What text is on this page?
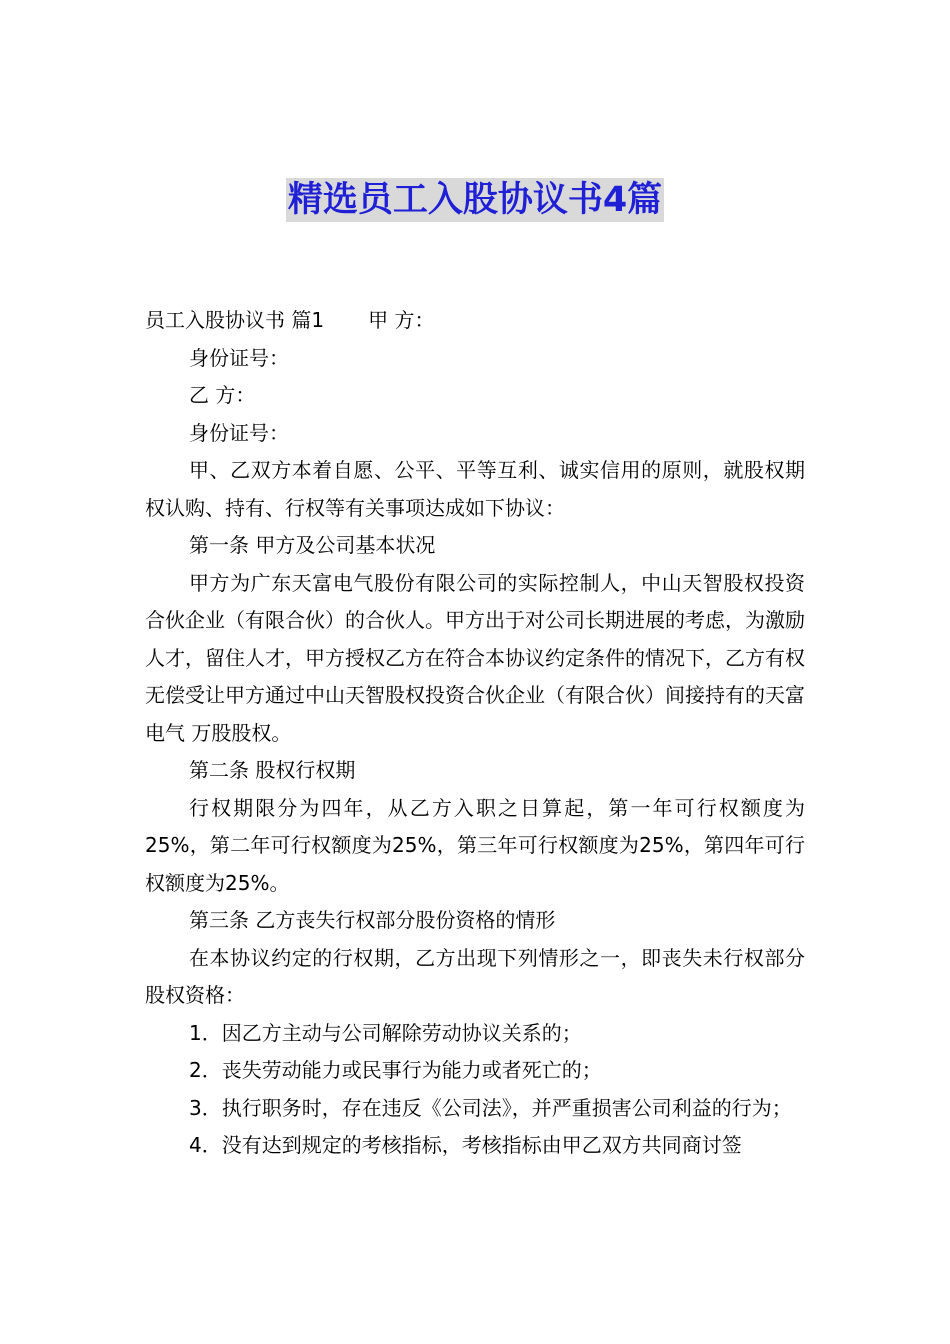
精选员工入股协议书4篇

员工入股协议书 篇1 甲 方：

身份证号：

乙 方：

身份证号：

甲、乙双方本着自愿、公平、平等互利、诚实信用的原则，就股权期权认购、持有、行权等有关事项达成如下协议：

第一条 甲方及公司基本状况

甲方为广东天富电气股份有限公司的实际控制人，中山天智股权投资合伙企业（有限合伙）的合伙人。甲方出于对公司长期进展的考虑，为激励人才，留住人才，甲方授权乙方在符合本协议约定条件的情况下，乙方有权无偿受让甲方通过中山天智股权投资合伙企业（有限合伙）间接持有的天富电气 万股股权。

第二条 股权行权期

行权期限分为四年，从乙方入职之日算起，第一年可行权额度为25%，第二年可行权额度为25%，第三年可行权额度为25%，第四年可行权额度为25%。

第三条 乙方丧失行权部分股份资格的情形

在本协议约定的行权期，乙方出现下列情形之一，即丧失未行权部分股权资格：

1．因乙方主动与公司解除劳动协议关系的；

2．丧失劳动能力或民事行为能力或者死亡的；

3．执行职务时，存在违反《公司法》，并严重损害公司利益的行为；

4．没有达到规定的考核指标，考核指标由甲乙双方共同商讨签
